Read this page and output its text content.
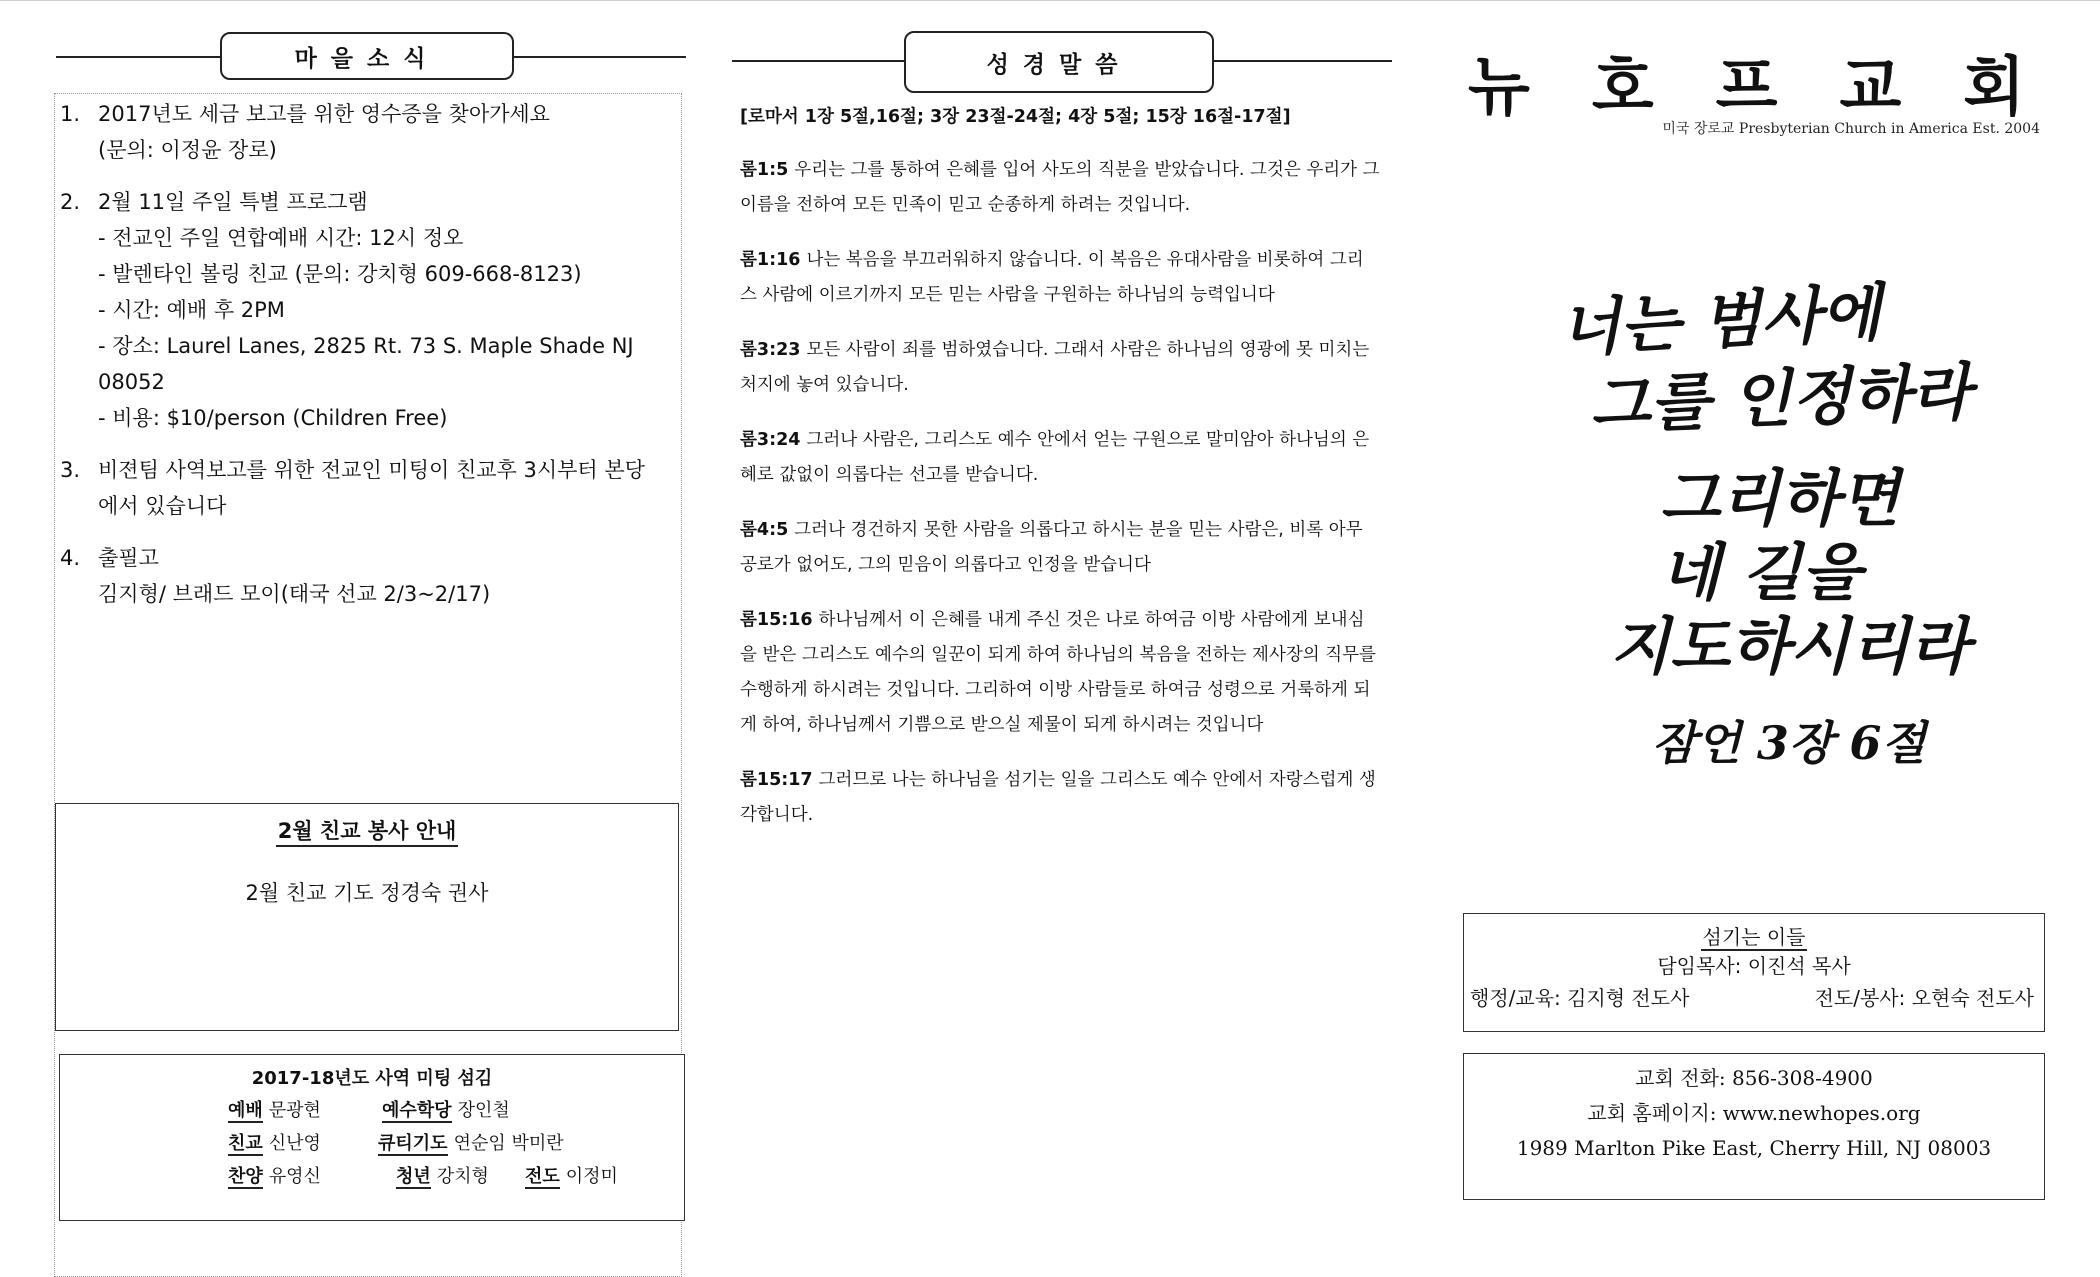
마을소식
1. 2017년도 세금 보고를 위한 영수증을 찾아가세요
(문의: 이정윤 장로)
2. 2월 11일 주일 특별 프로그램
- 전교인 주일 연합예배 시간: 12시 정오
- 발렌타인 볼링 친교 (문의: 강치형 609-668-8123)
- 시간: 예배 후 2PM
- 장소: Laurel Lanes, 2825 Rt. 73 S. Maple Shade NJ 08052
- 비용: $10/person (Children Free)
3. 비젼팀 사역보고를 위한 전교인 미팅이 친교후 3시부터 본당
에서 있습니다
4. 출필고
김지형/ 브래드 모이(태국 선교 2/3~2/17)
2월 친교 봉사 안내
2월 친교 기도 정경숙 권사
2017-18년도 사역 미팅 섬김
예배 문광현	예수학당 장인철
친교 신난영	큐티기도 연순임 박미란
찬양 유영신	청년 강치형 전도 이정미
성경말씀
[로마서 1장 5절,16절; 3장 23절-24절; 4장 5절; 15장 16절-17절]
롬1:5 우리는 그를 통하여 은혜를 입어 사도의 직분을 받았습니다. 그것은 우리가 그 이름을 전하여 모든 민족이 믿고 순종하게 하려는 것입니다.
롬1:16 나는 복음을 부끄러워하지 않습니다. 이 복음은 유대사람을 비롯하여 그리스 사람에 이르기까지 모든 믿는 사람을 구원하는 하나님의 능력입니다
롬3:23 모든 사람이 죄를 범하였습니다. 그래서 사람은 하나님의 영광에 못 미치는 처지에 놓여 있습니다.
롬3:24 그러나 사람은, 그리스도 예수 안에서 얻는 구원으로 말미암아 하나님의 은혜로 값없이 의롭다는 선고를 받습니다.
롬4:5 그러나 경건하지 못한 사람을 의롭다고 하시는 분을 믿는 사람은, 비록 아무 공로가 없어도, 그의 믿음이 의롭다고 인정을 받습니다
롬15:16 하나님께서 이 은혜를 내게 주신 것은 나로 하여금 이방 사람에게 보내심을 받은 그리스도 예수의 일꾼이 되게 하여 하나님의 복음을 전하는 제사장의 직무를 수행하게 하시려는 것입니다. 그리하여 이방 사람들로 하여금 성령으로 거룩하게 되게 하여, 하나님께서 기쁨으로 받으실 제물이 되게 하시려는 것입니다
롬15:17 그러므로 나는 하나님을 섬기는 일을 그리스도 예수 안에서 자랑스럽게 생각합니다.
뉴호프교회
미국 장로교 Presbyterian Church in America Est. 2004
너는 범사에
그를 인정하라
그리하면
네 길을
지도하시리라
잠언 3장 6절
섬기는 이들
담임목사: 이진석 목사
행정/교육: 김지형 전도사	전도/봉사: 오현숙 전도사
교회 전화: 856-308-4900
교회 홈페이지: www.newhopes.org
1989 Marlton Pike East, Cherry Hill, NJ 08003
